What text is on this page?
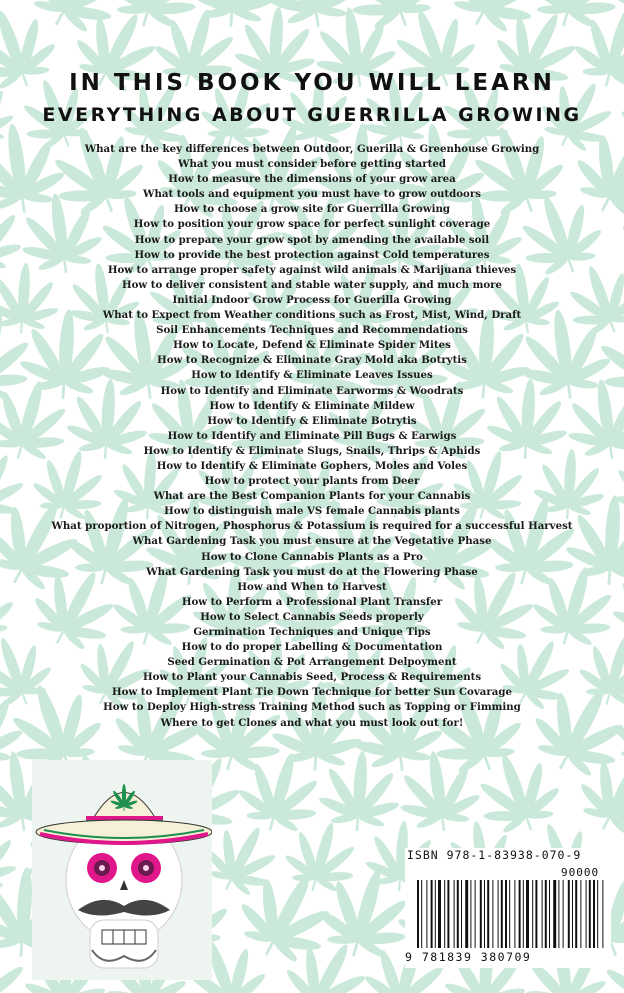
IN THIS BOOK YOU WILL LEARN
EVERYTHING ABOUT GUERRILLA GROWING
What are the key differences between Outdoor, Guerilla & Greenhouse Growing
What you must consider before getting started
How to measure the dimensions of your grow area
What tools and equipment you must have to grow outdoors
How to choose a grow site for Guerrilla Growing
How to position your grow space for perfect sunlight coverage
How to prepare your grow spot by amending the available soil
How to provide the best protection against Cold temperatures
How to arrange proper safety against wild animals & Marijuana thieves
How to deliver consistent and stable water supply, and much more
Initial Indoor Grow Process for Guerilla Growing
What to Expect from Weather conditions such as Frost, Mist, Wind, Draft
Soil Enhancements Techniques and Recommendations
How to Locate, Defend & Eliminate Spider Mites
How to Recognize & Eliminate Gray Mold aka Botrytis
How to Identify & Eliminate Leaves Issues
How to Identify and Eliminate Earworms & Woodrats
How to Identify & Eliminate Mildew
How to Identify & Eliminate Botrytis
How to Identify and Eliminate Pill Bugs & Earwigs
How to Identify & Eliminate Slugs, Snails, Thrips & Aphids
How to Identify & Eliminate Gophers, Moles and Voles
How to protect your plants from Deer
What are the Best Companion Plants for your Cannabis
How to distinguish male VS female Cannabis plants
What proportion of Nitrogen, Phosphorus & Potassium is required for a successful Harvest
What Gardening Task you must ensure at the Vegetative Phase
How to Clone Cannabis Plants as a Pro
What Gardening Task you must do at the Flowering Phase
How and When to Harvest
How to Perform a Professional Plant Transfer
How to Select Cannabis Seeds properly
Germination Techniques and Unique Tips
How to do proper Labelling & Documentation
Seed Germination & Pot Arrangement Delpoyment
How to Plant your Cannabis Seed, Process & Requirements
How to Implement Plant Tie Down Technique for better Sun Covarage
How to Deploy High-stress Training Method such as Topping or Fimming
Where to get Clones and what you must look out for!
ISBN 978-1-83938-070-9
90000
9 781839 380709
